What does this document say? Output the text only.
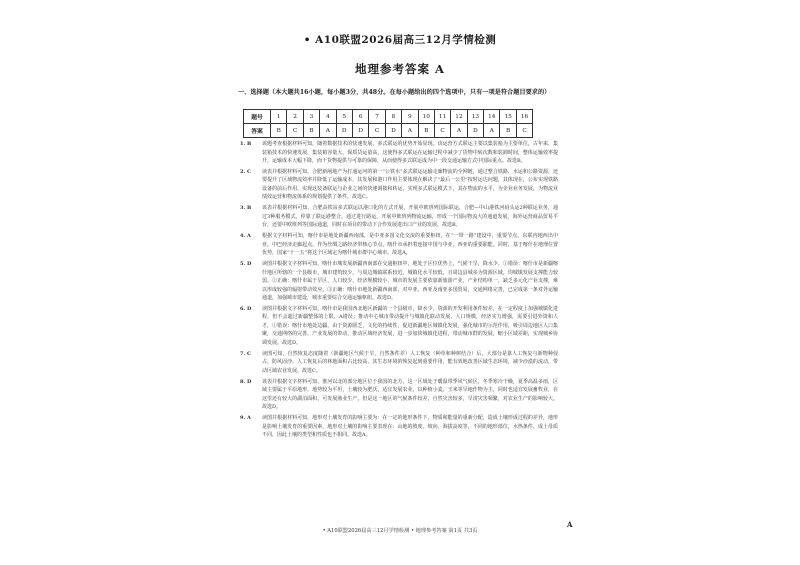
• A10联盟2026届高三12月学情检测
地理参考答案 A
一、选择题（本大题共16小题，每小题3分，共48分。在每小题给出的四个选项中，只有一项是符合题目要求的）
题号	1	2	3	4	5	6	7	8	9	10	11	12	13	14	15	16
答案	B	C	B	A	D	D	C	D	A	B	C	A	D	A	B	C
1. B	该题考查根据材料可知，随着数据技术的快速发展，多式联运的优势开始显现。该运营方式联运主要以集装箱为主要单位，古年来，集装箱技术的快速发展，集装箱容量大，保质货运量高，这使得多式联运在运输过程中减少了货物中转次数和装卸时间，整体运输效率提升，运输成本大幅下降，而干货物提供与可靠的保障，从而使得多式联运成为中一段交通运输方式中国际重点。故选B。
2. C	读表并根据材料可知，合肥新闸地产为打通运河的第一“公铁水”多式联运运输走廊物流的全网链，通过整合铁路、水运和公路资源，还要提升了区域物流效率并降低了运输成本，其发展和港口作用主要体现在解决了“最后一公里”按时运达问题，其体现在，公布实现铁路设备的前后作用，实现这装备联运与企业之间的快速调拨和转运，实现多式联运模式下，其在物流的水平，为企业业务发展，为物流业绩效运营和物流体系的规划提供了条件。故选C。
3. B	该表并根据材料可知，合肥高铁站多式联运以港口化的方式开展，开展中欧班列国际联运，合肥—中山港铁河码头运2种联运业务，通过3种服务模式。停靠了联运港整合。通过进行路运，开展中欧班列物流运输，形成一个国际物流大的通道发展，海外运营商品贸易平台，还要中欧班列等国际通道，同时在项目的带动下合作发展进出口产业的发展。故选B。
4. A	根据文字材料可知，喀什市是地处新疆西南部，是中亚多国文化交流的重要枢纽，在“一带一路”建设中，重要节点。东联内地西出中亚，中巴经济走廊起点。作为丝绸之路经济带核心节点，喀什市承担着连接中国与中亚，西亚的重要职能。同时，基于喀什在地理位置优势，国家“十一五”将这个区域定为喀什城市群中心城市。故选A。
5. D	读图并根据文字材料可知，喀什市城发展新疆西南部在交通枢纽中，地处于区位优势上，气候干旱，降水少。①错误：喀什市是新疆喀什地区所辖的一个县级市，城市建筑较少，与周边城镇联系较近，城镇化水平较低，且周边县城多为资源区域，均城镇发展支撑能力较弱。②正确：喀什市属于旱区，人口较少，经济规模较小，城市的发展主要依靠新旅游产业，产业结构单一，缺乏多元化产业支撑，难以形成较强的辐射带动效应。③正确：喀什市地处新疆西南部，对中亚、西亚及南亚多国贸易，交通网络完善，已完成第一条对外运输通道，加强城市建设，城市重要综合交通运输枢纽。故选D。
6. D	读图并根据文字材料可知，喀什市是我国西北地区新疆的一个县级市，降水少，资源的开发利用条件较差，在一定程度上加强城镇化进程，但不会超过新疆整体的上限，A错误；推动中心城市带动提升与城镇化联动发展，人口规模，经济实力增强，需要引进外资和人才，①错误：喀什市地处边疆，由于资源匮乏，文化的持续性，促进新疆地区城镇化发展，强化城市的示范作用，吸引周边地区人口集聚，交通网络的完善，产业发展的带动，推动区域经济发展，进一步加快城镇化进程，带动城市群的发展，缩小区域差距，实现城乡协调发展。故选D。
7. C	读图可知，自然恢复态度随着（新疆地区气候干旱，自然条件差）人工恢复（种草和种树结合）后，大部分是靠人工恢复与新物种侵占，防风固沙，人工恢复后的林地面积占比较高，其生态环境的恢复起到重要作用，能有效地改善区域生态环境，减少沙漠的流动，带动区域农业发展。故选C。
8. D	该表并根据文字材料可知，淮河以北的部分地区位于我国的北方，这一区域处于暖温带季风气候区，冬季寒冷干燥，夏季高温多雨，区域主要属于平原地形，地势较为平坦，土壤较为肥沃，适宜发展农业，以种植小麦、玉米等旱地作物为主，同时也适宜发展畜牧业，在这里还有较大的湖泊面积，可发展渔业生产，但是这一地区的气候条件较差，自然灾害较多，旱涝灾害频繁，对农业生产的影响较大。故选D。
9. A	读图并根据材料可知，地形对土壤发育的影响主要为：在一定的地形条件下，物质和能量的重新分配，造成土壤形成过程的差异，地形是影响土壤发育的重要因素，地形对土壤的影响主要表现在：山地的坡度、坡向、海拔高度等，不同的地形部位，水热条件、成土母质不同，因此土壤的类型和性质也不相同。故选A。
• A10联盟2026届高三12月学情检测 • 地理参考答案 第1页 共3页
A
